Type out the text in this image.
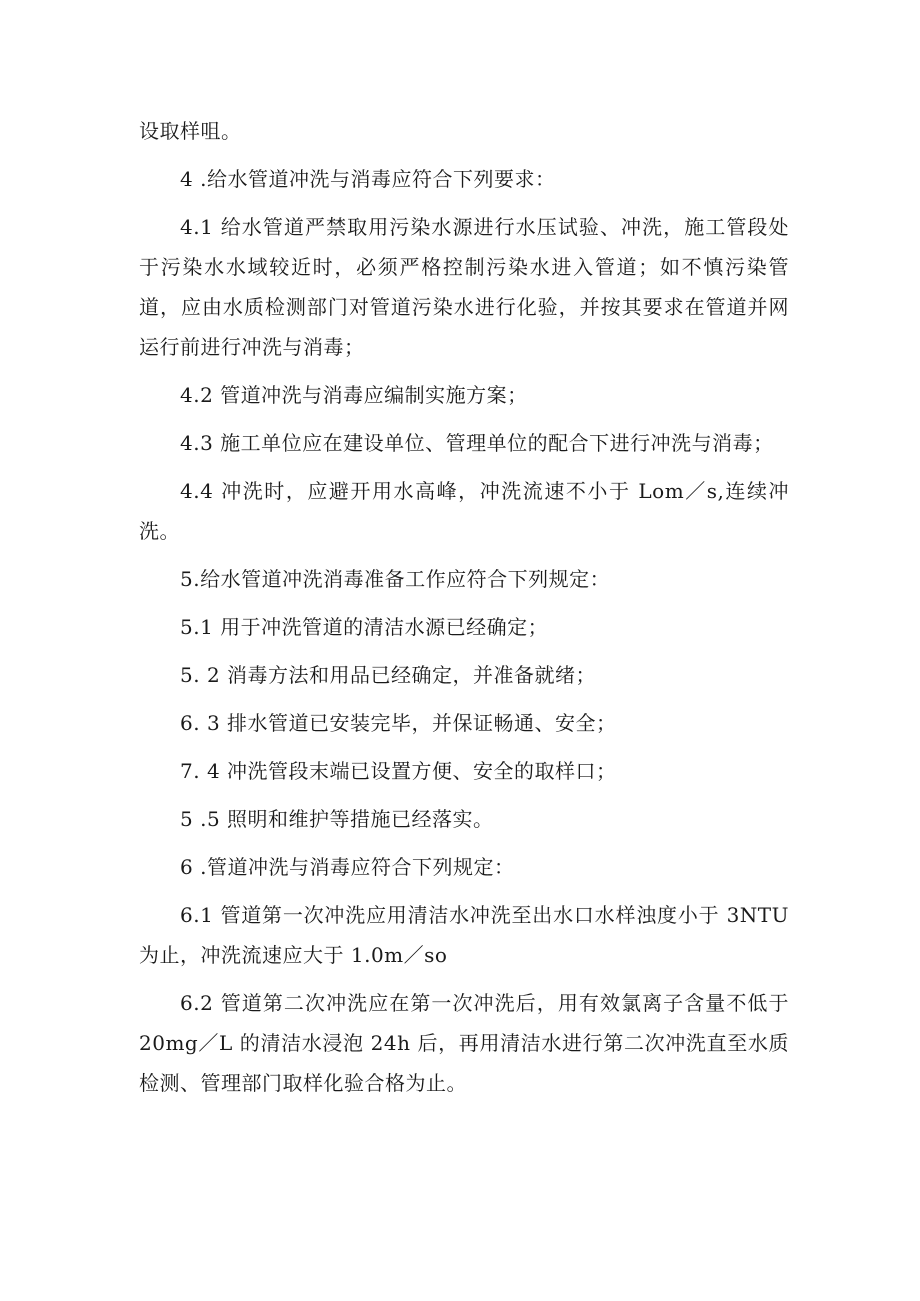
设取样咀。

4 .给水管道冲洗与消毒应符合下列要求：

4.1 给水管道严禁取用污染水源进行水压试验、冲洗，施工管段处于污染水水域较近时，必须严格控制污染水进入管道；如不慎污染管道，应由水质检测部门对管道污染水进行化验，并按其要求在管道并网运行前进行冲洗与消毒；

4.2 管道冲洗与消毒应编制实施方案；

4.3 施工单位应在建设单位、管理单位的配合下进行冲洗与消毒；

4.4 冲洗时，应避开用水高峰，冲洗流速不小于 Lom／s,连续冲洗。

5.给水管道冲洗消毒准备工作应符合下列规定：

5.1 用于冲洗管道的清洁水源已经确定；

5. 2 消毒方法和用品已经确定，并准备就绪；

6. 3 排水管道已安装完毕，并保证畅通、安全；

7. 4 冲洗管段末端已设置方便、安全的取样口；

5 .5 照明和维护等措施已经落实。

6 .管道冲洗与消毒应符合下列规定：

6.1 管道第一次冲洗应用清洁水冲洗至出水口水样浊度小于 3NTU 为止，冲洗流速应大于 1.0m／so

6.2 管道第二次冲洗应在第一次冲洗后，用有效氯离子含量不低于 20mg／L 的清洁水浸泡 24h 后，再用清洁水进行第二次冲洗直至水质检测、管理部门取样化验合格为止。
